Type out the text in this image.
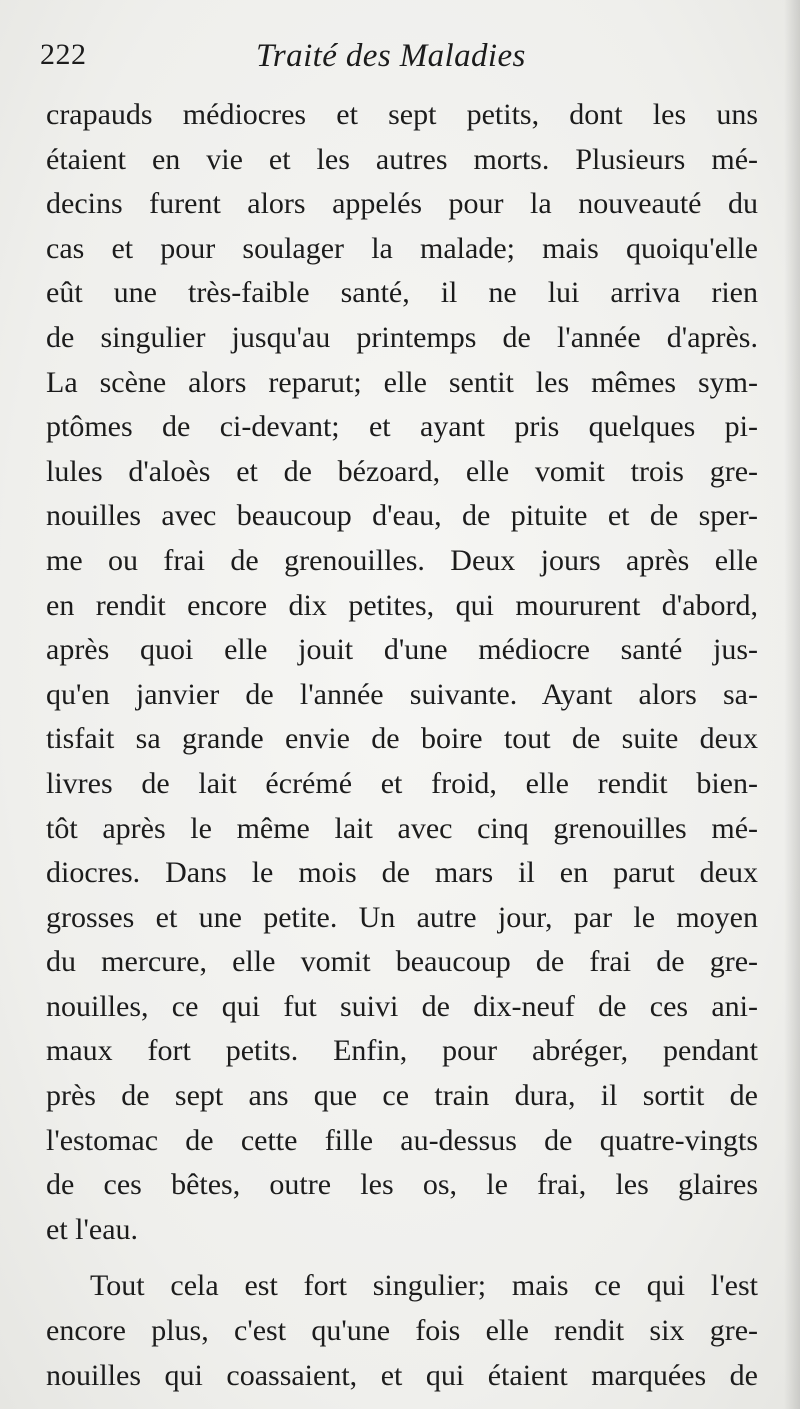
222	Traité des Maladies
crapauds médiocres et sept petits, dont les uns
étaient en vie et les autres morts. Plusieurs mé-
decins furent alors appelés pour la nouveauté du
cas et pour soulager la malade; mais quoiqu'elle
eût une très-faible santé, il ne lui arriva rien
de singulier jusqu'au printemps de l'année d'après.
La scène alors reparut; elle sentit les mêmes sym-
ptômes de ci-devant; et ayant pris quelques pi-
lules d'aloès et de bézoard, elle vomit trois gre-
nouilles avec beaucoup d'eau, de pituite et de sper-
me ou frai de grenouilles. Deux jours après elle
en rendit encore dix petites, qui moururent d'abord,
après quoi elle jouit d'une médiocre santé jus-
qu'en janvier de l'année suivante. Ayant alors sa-
tisfait sa grande envie de boire tout de suite deux
livres de lait écrémé et froid, elle rendit bien-
tôt après le même lait avec cinq grenouilles mé-
diocres. Dans le mois de mars il en parut deux
grosses et une petite. Un autre jour, par le moyen
du mercure, elle vomit beaucoup de frai de gre-
nouilles, ce qui fut suivi de dix-neuf de ces ani-
maux fort petits. Enfin, pour abréger, pendant
près de sept ans que ce train dura, il sortit de
l'estomac de cette fille au-dessus de quatre-vingts
de ces bêtes, outre les os, le frai, les glaires
et l'eau.
Tout cela est fort singulier; mais ce qui l'est
encore plus, c'est qu'une fois elle rendit six gre-
nouilles qui coassaient, et qui étaient marquées de
